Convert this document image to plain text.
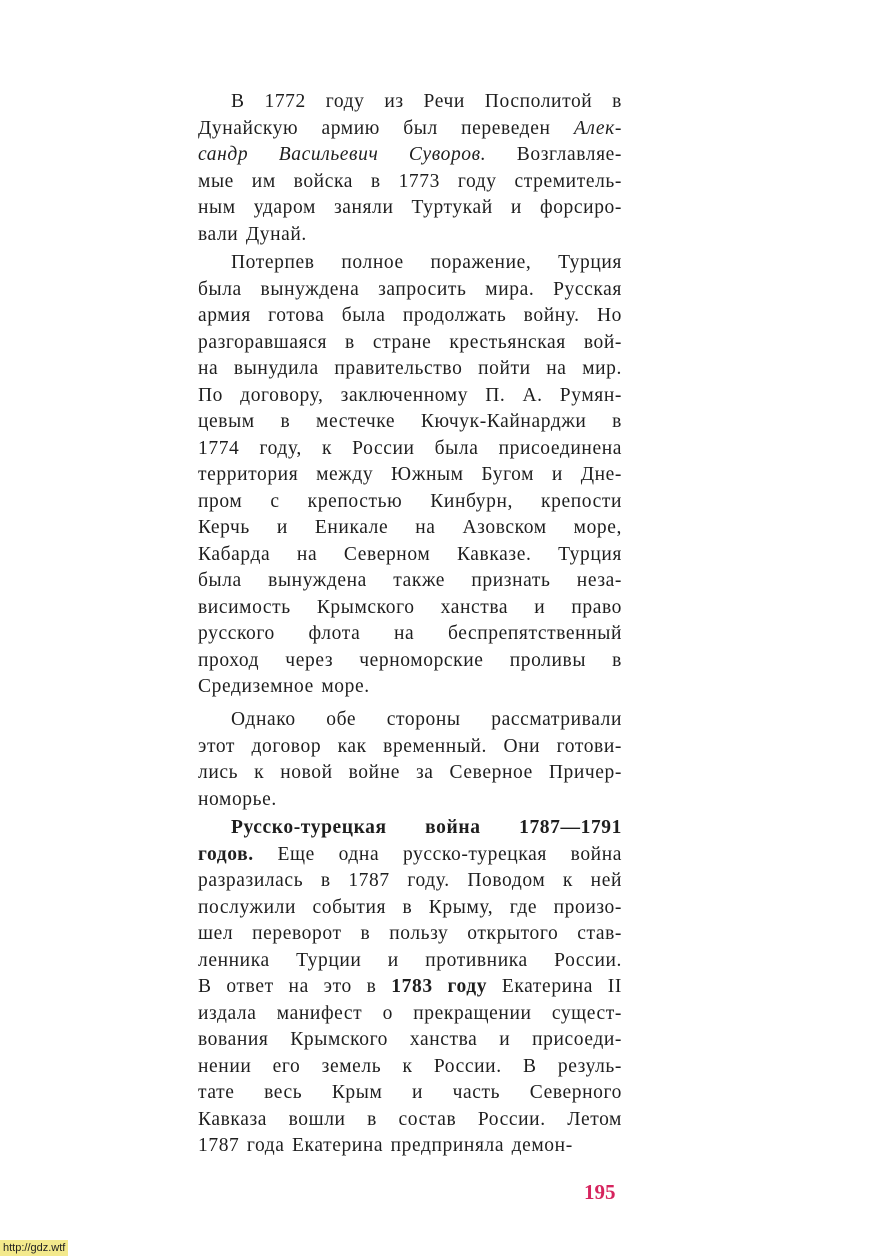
В 1772 году из Речи Посполитой в
Дунайскую армию был переведен Алек-
сандр Васильевич Суворов. Возглавляе-
мые им войска в 1773 году стремитель-
ным ударом заняли Туртукай и форсиро-
вали Дунай.
Потерпев полное поражение, Турция
была вынуждена запросить мира. Русская
армия готова была продолжать войну. Но
разгоравшаяся в стране крестьянская вой-
на вынудила правительство пойти на мир.
По договору, заключенному П. А. Румян-
цевым в местечке Кючук-Кайнарджи в
1774 году, к России была присоединена
территория между Южным Бугом и Дне-
пром с крепостью Кинбурн, крепости
Керчь и Еникале на Азовском море,
Кабарда на Северном Кавказе. Турция
была вынуждена также признать неза-
висимость Крымского ханства и право
русского флота на беспрепятственный
проход через черноморские проливы в
Средиземное море.
Однако обе стороны рассматривали
этот договор как временный. Они готови-
лись к новой войне за Северное Причер-
номорье.
Русско-турецкая война 1787—1791
годов. Еще одна русско-турецкая война
разразилась в 1787 году. Поводом к ней
послужили события в Крыму, где произо-
шел переворот в пользу открытого став-
ленника Турции и противника России.
В ответ на это в 1783 году Екатерина II
издала манифест о прекращении сущест-
вования Крымского ханства и присоеди-
нении его земель к России. В резуль-
тате весь Крым и часть Северного
Кавказа вошли в состав России. Летом
1787 года Екатерина предприняла демон-
195
http://gdz.wtf
